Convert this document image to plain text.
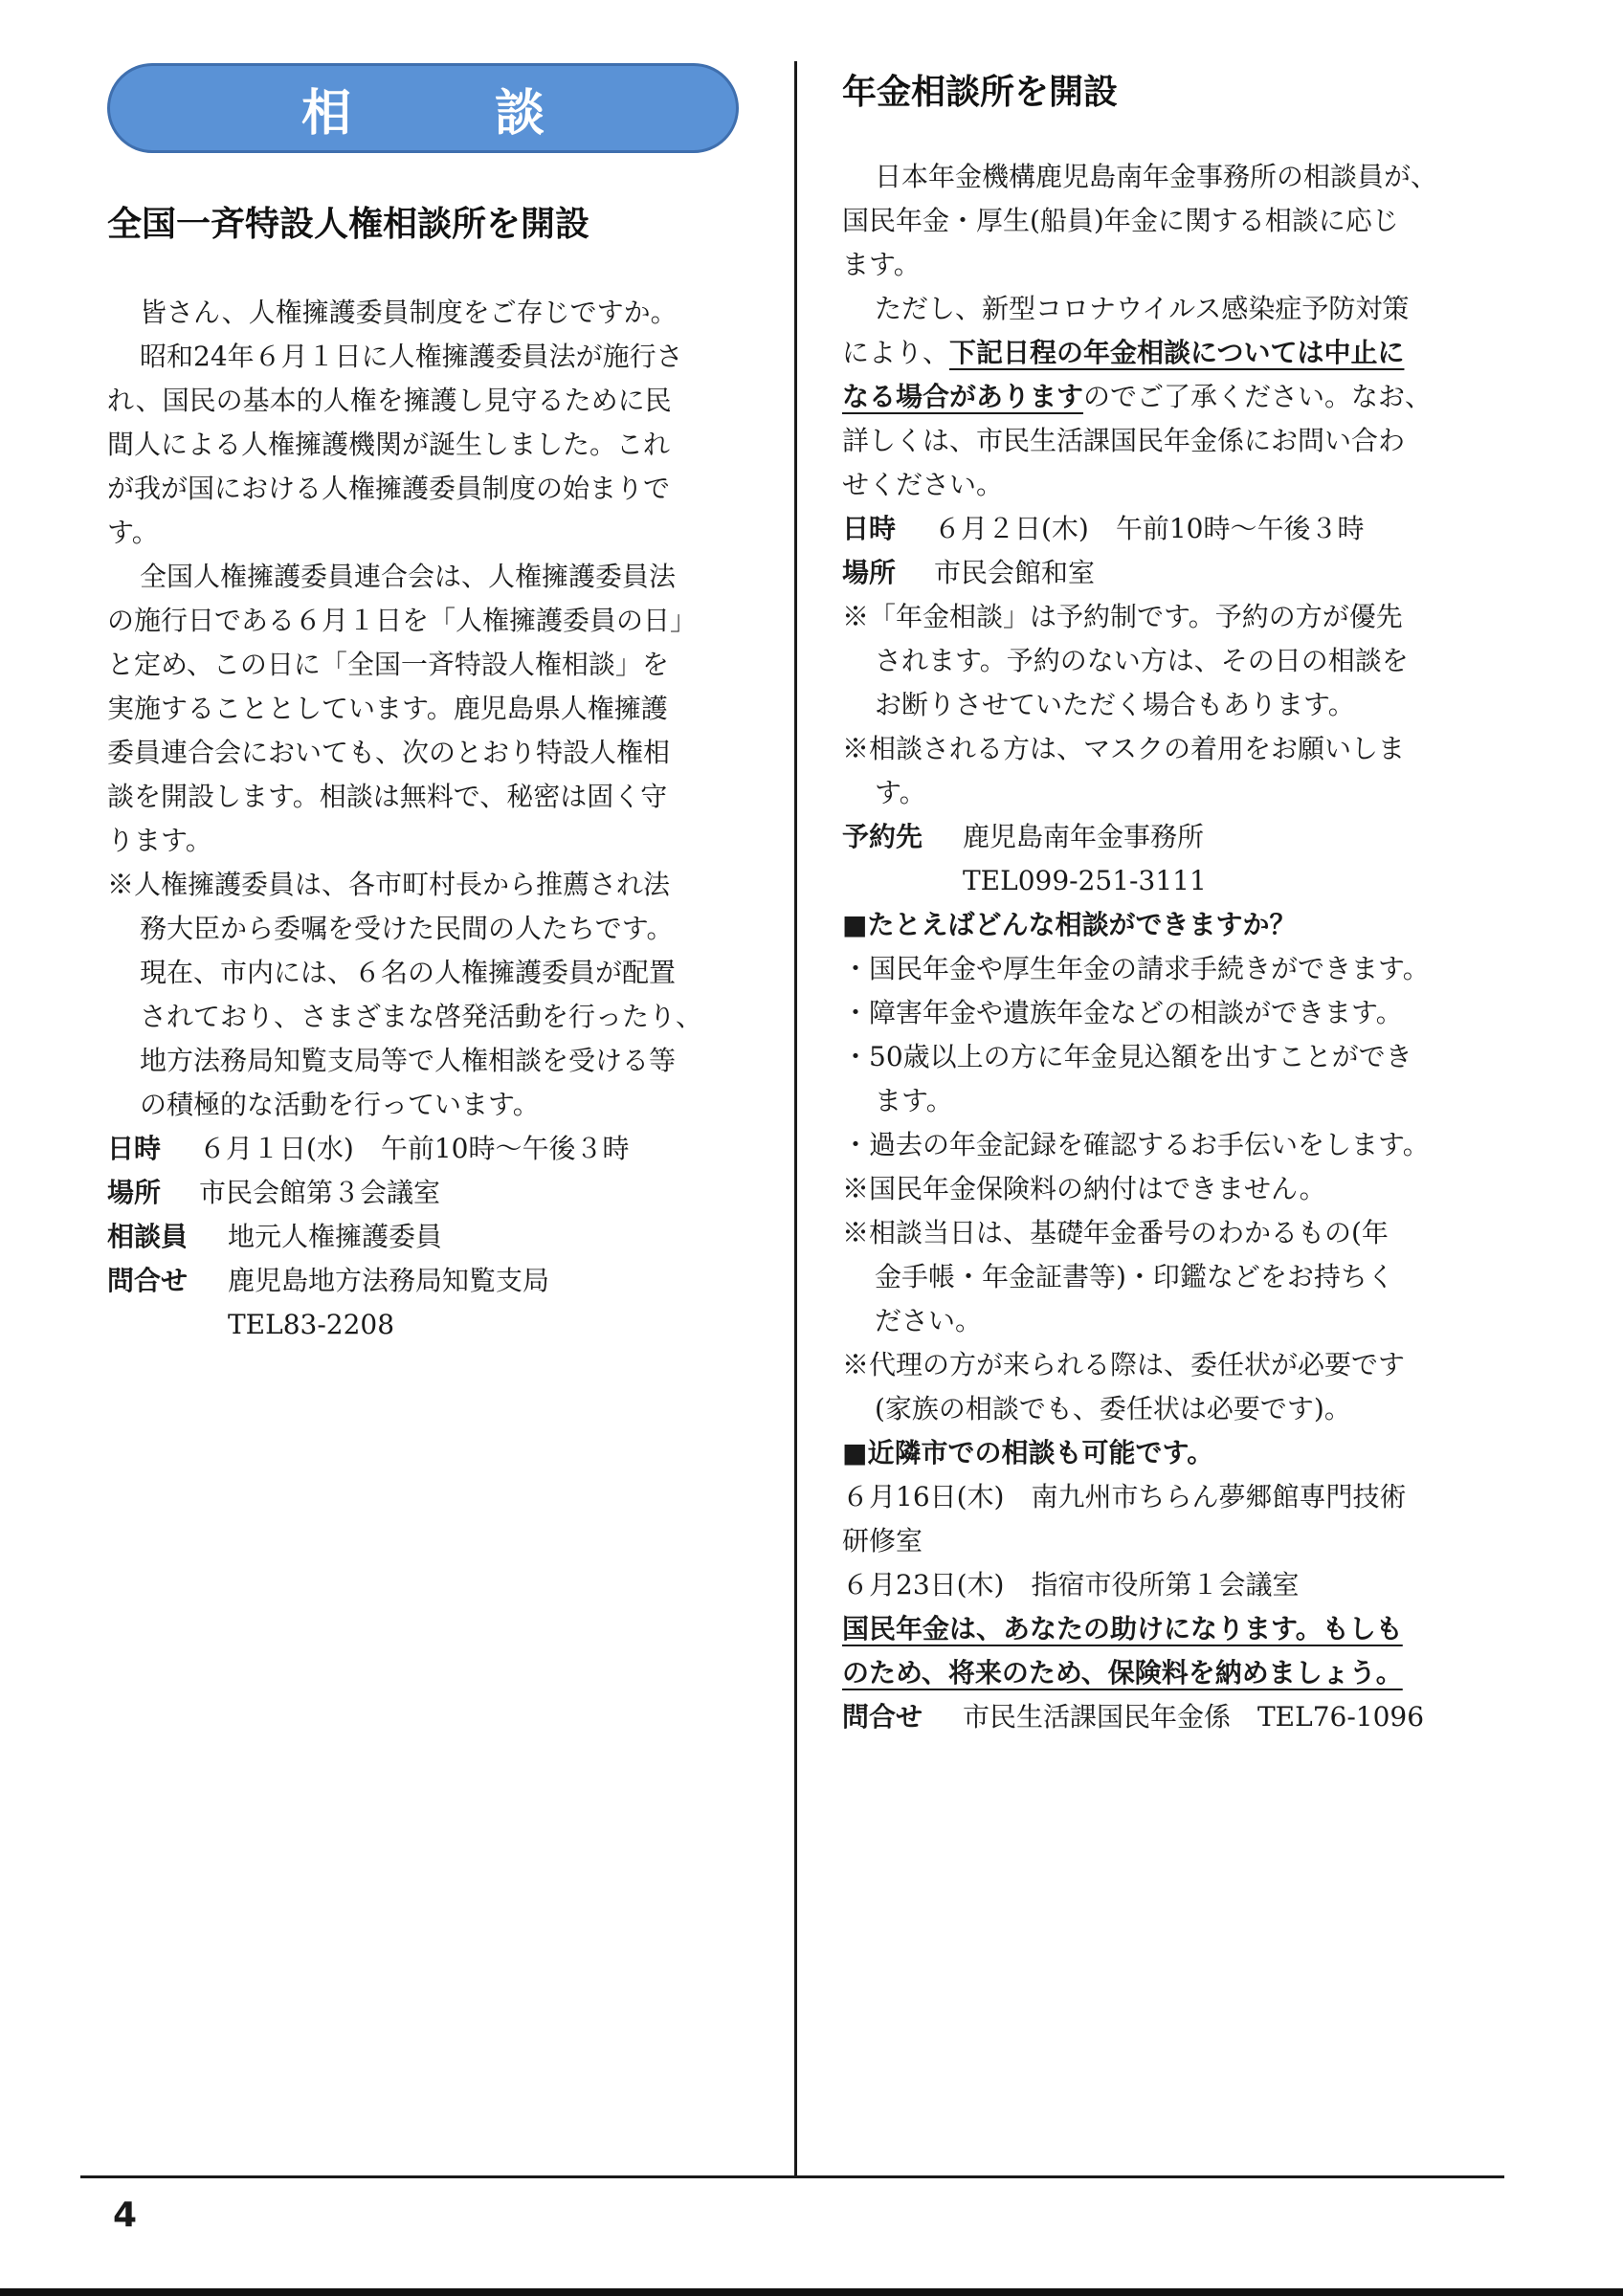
相談
全国一斉特設人権相談所を開設
皆さん、人権擁護委員制度をご存じですか。
昭和24年６月１日に人権擁護委員法が施行さ
れ、国民の基本的人権を擁護し見守るために民
間人による人権擁護機関が誕生しました。これ
が我が国における人権擁護委員制度の始まりで
す。
全国人権擁護委員連合会は、人権擁護委員法
の施行日である６月１日を「人権擁護委員の日」
と定め、この日に「全国一斉特設人権相談」を
実施することとしています。鹿児島県人権擁護
委員連合会においても、次のとおり特設人権相
談を開設します。相談は無料で、秘密は固く守
ります。
※人権擁護委員は、各市町村長から推薦され法
務大臣から委嘱を受けた民間の人たちです。
現在、市内には、６名の人権擁護委員が配置
されており、さまざまな啓発活動を行ったり、
地方法務局知覧支局等で人権相談を受ける等
の積極的な活動を行っています。
日時 ６月１日(水)　午前10時～午後３時
場所 市民会館第３会議室
相談員 地元人権擁護委員
問合せ 鹿児島地方法務局知覧支局
TEL83-2208
年金相談所を開設
日本年金機構鹿児島南年金事務所の相談員が、
国民年金・厚生(船員)年金に関する相談に応じ
ます。
ただし、新型コロナウイルス感染症予防対策
により、下記日程の年金相談については中止に
なる場合がありますのでご了承ください。なお、
詳しくは、市民生活課国民年金係にお問い合わ
せください。
日時 ６月２日(木)　午前10時～午後３時
場所 市民会館和室
※「年金相談」は予約制です。予約の方が優先
されます。予約のない方は、その日の相談を
お断りさせていただく場合もあります。
※相談される方は、マスクの着用をお願いしま
す。
予約先 鹿児島南年金事務所
TEL099-251-3111
■たとえばどんな相談ができますか？
・国民年金や厚生年金の請求手続きができます。
・障害年金や遺族年金などの相談ができます。
・50歳以上の方に年金見込額を出すことができ
ます。
・過去の年金記録を確認するお手伝いをします。
※国民年金保険料の納付はできません。
※相談当日は、基礎年金番号のわかるもの(年
金手帳・年金証書等)・印鑑などをお持ちく
ださい。
※代理の方が来られる際は、委任状が必要です
(家族の相談でも、委任状は必要です)。
■近隣市での相談も可能です。
６月16日(木)　南九州市ちらん夢郷館専門技術
研修室
６月23日(木)　指宿市役所第１会議室
国民年金は、あなたの助けになります。もしも
のため、将来のため、保険料を納めましょう。
問合せ 市民生活課国民年金係　TEL76-1096
4
